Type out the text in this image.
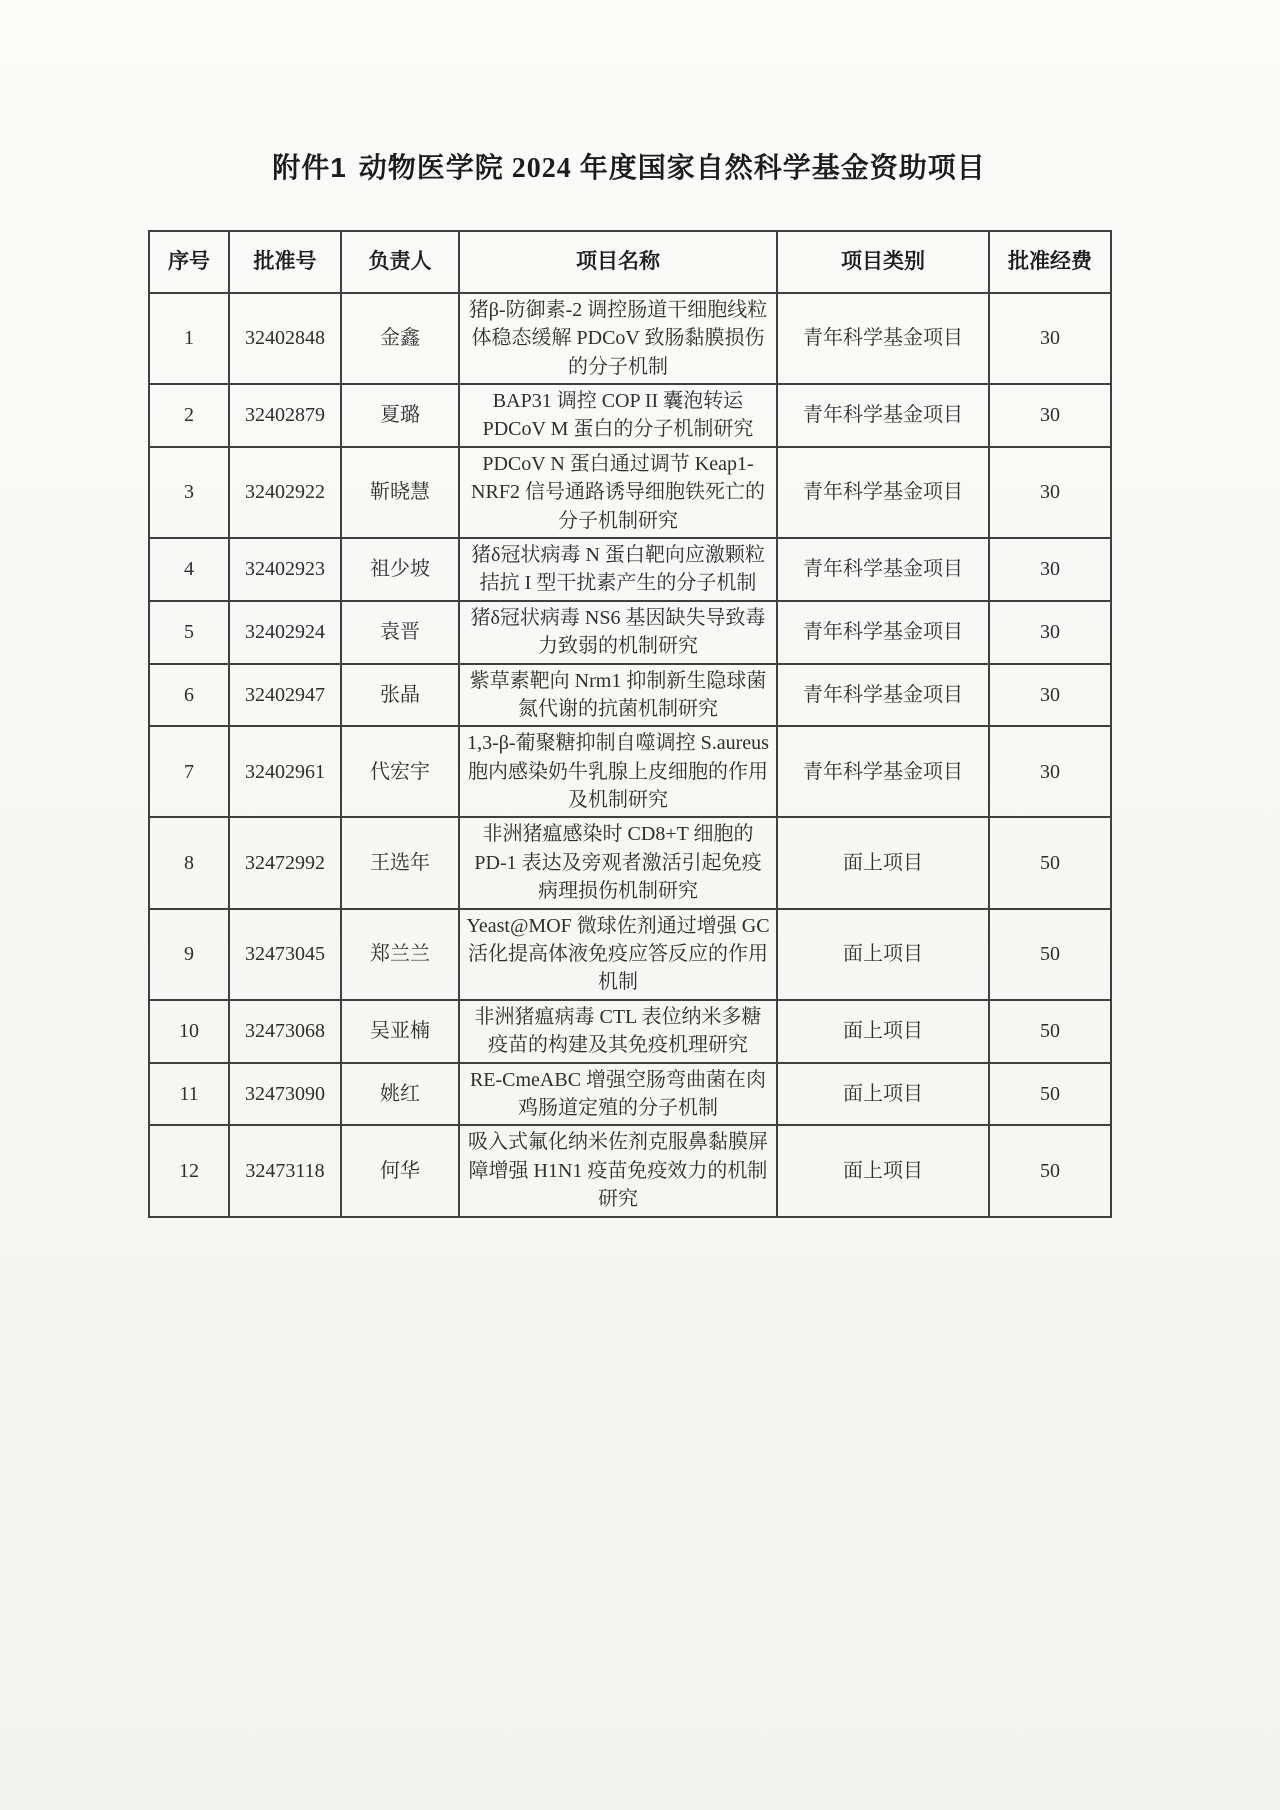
附件1 动物医学院 2024 年度国家自然科学基金资助项目
序号	批准号	负责人	项目名称	项目类别	批准经费
1	32402848	金鑫	猪β-防御素-2 调控肠道干细胞线粒体稳态缓解 PDCoV 致肠黏膜损伤的分子机制	青年科学基金项目	30
2	32402879	夏璐	BAP31 调控 COP II 囊泡转运 PDCoV M 蛋白的分子机制研究	青年科学基金项目	30
3	32402922	靳晓慧	PDCoV N 蛋白通过调节 Keap1-NRF2 信号通路诱导细胞铁死亡的分子机制研究	青年科学基金项目	30
4	32402923	祖少坡	猪δ冠状病毒 N 蛋白靶向应激颗粒拮抗 I 型干扰素产生的分子机制	青年科学基金项目	30
5	32402924	袁晋	猪δ冠状病毒 NS6 基因缺失导致毒力致弱的机制研究	青年科学基金项目	30
6	32402947	张晶	紫草素靶向 Nrm1 抑制新生隐球菌氮代谢的抗菌机制研究	青年科学基金项目	30
7	32402961	代宏宇	1,3-β-葡聚糖抑制自噬调控 S.aureus 胞内感染奶牛乳腺上皮细胞的作用及机制研究	青年科学基金项目	30
8	32472992	王选年	非洲猪瘟感染时 CD8+T 细胞的 PD-1 表达及旁观者激活引起免疫病理损伤机制研究	面上项目	50
9	32473045	郑兰兰	Yeast@MOF 微球佐剂通过增强 GC 活化提高体液免疫应答反应的作用机制	面上项目	50
10	32473068	吴亚楠	非洲猪瘟病毒 CTL 表位纳米多糖疫苗的构建及其免疫机理研究	面上项目	50
11	32473090	姚红	RE-CmeABC 增强空肠弯曲菌在肉鸡肠道定殖的分子机制	面上项目	50
12	32473118	何华	吸入式氟化纳米佐剂克服鼻黏膜屏障增强 H1N1 疫苗免疫效力的机制研究	面上项目	50
